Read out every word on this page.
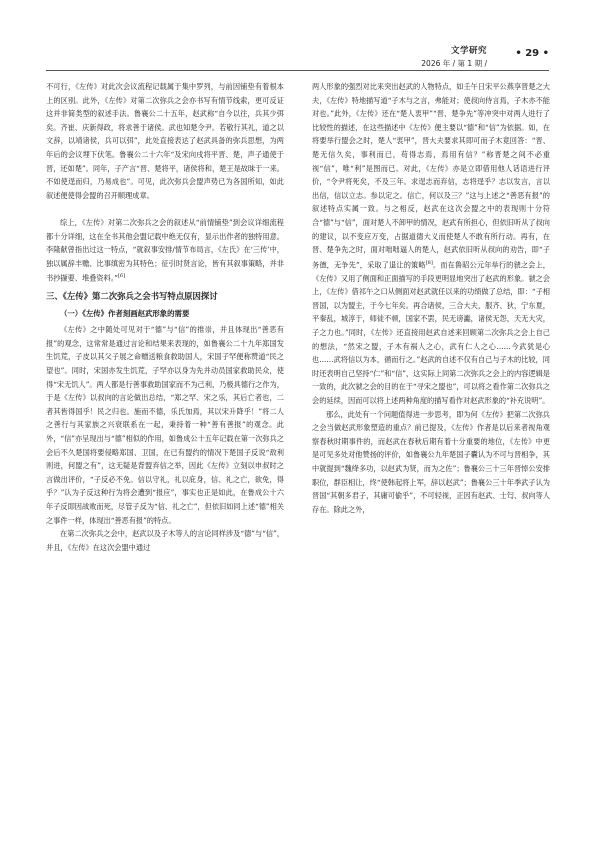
文学研究
2026 年 / 第 1 期 /
• 29 •

不可行，《左传》对此次会议流程记载属于集中罗列，与前因铺垫有着根本上的区别。此外，《左传》对第二次弥兵之会亦书写有情节线索，更可反证这并非简类型的叙述手法。鲁襄公二十五年，赵武称“自今以往，兵其少弭矣。齐崔、庆新得政，将求善于诸侯。武也知楚令尹。若敬行其礼，道之以文辞，以靖诸侯，兵可以弭”，此处直接表达了赵武具备的弥兵思想，为两年后的会议埋下伏笔。鲁襄公二十六年“及宋向戌将平晋、楚，声子通使于晋，还如楚”。同年，子产言“晋、楚将平，诸侯将和，楚王是故昧于一来。不如使逞而归，乃易成也”。可见，此次弥兵会盟声势已为各国所知，如此叙述便使得会盟的召开顺理成章。

综上，《左传》对第二次弥兵之会的叙述从“前情铺垫”到会议详细流程都十分详细，这在全书其他会盟记载中绝无仅有，显示出作者的独特用意。李隆献曾指出过这一特点，“就叙事安排/情节布局言，《左氏》在‘三传’中，独以属辞丰赡、比事缜密为其特色；征引时贤言论，皆有其叙事策略，并非书抄撷要、堆叠资料。”[6]

三、《左传》第二次弥兵之会书写特点原因探讨
（一）《左传》作者刻画赵武形象的需要

《左传》之中随处可见对于“德”与“信”的推崇，并且体现出“善恶有报”的观念，这常常是通过言论和结果来表现的，如鲁襄公二十九年郑国发生饥荒，子皮以其父子展之命赠送粮食救助国人，宋国子罕便称赞道“民之望也”。同时，宋国亦发生饥荒，子罕亦以身为先并动员国家救助民众，使得“宋无饥人”。两人都是行善事救助国家而不为己利，乃极具德行之作为，于是《左传》以叔向的言论做出总结，“郑之罕、宋之乐，其后亡者也，二者其皆得国乎！民之归也。施而不德，乐氏加焉，其以宋升降乎！”将二人之善行与其家族之兴衰联系在一起，秉持着一种“善有善报”的观念。此外，“信”亦呈现出与“德”相似的作用，如鲁成公十五年记载在第一次弥兵之会后不久楚国将要侵略郑国、卫国，在已有盟约的情况下楚国子反说“敌利则进，何盟之有”，这无疑是背盟弃信之举，因此《左传》立刻以申叔时之言做出评价，“子反必不免。信以守礼，礼以庇身，信、礼之亡，欲免，得乎？”认为子反这种行为将会遭到“报应”，事实也正是如此，在鲁成公十六年子反即因战败而死，尽管子反为“信、礼之亡”，但依旧如同上述“德”相关之事件一样，体现出“善恶有报”的特点。

在第二次弥兵之会中，赵武以及子木等人的言论同样涉及“德”与“信”，并且，《左传》在这次会盟中通过

两人形象的强烈对比来突出赵武的人物特点，如壬午日宋平公燕享晋楚之大夫，《左传》特地描写道“子木与之言，弗能对；使叔向侍言焉，子木亦不能对也。”此外，《左传》还在“楚人衷甲”“晋、楚争先”等冲突中对两人进行了比较性的描述，在这些描述中《左传》便主要以“德”和“信”为依据。如，在将要举行盟会之时，楚人“衷甲”，晋大夫要求其即可而子木竟回答：“晋、楚无信久矣，事利而已，苟得志焉，焉用有信？”称晋楚之间不必重视“信”，唯“利”是图而已。对此，《左传》亦是立即借用他人话语进行评价，“令尹将死矣，不及三年。求逞志而弃信，志将逞乎？志以发言，言以出信，信以立志。参以定之。信亡，何以及三？”这与上述之“善恶有报”的叙述特点实属一致。与之相反，赵武在这次会盟之中的表现则十分符合“德”与“信”，面对楚人不卸甲的情况，赵武有所担心，但依旧听从了叔向的建议，以不变应万变，占据道德大义而使楚人不敢有所行动。再有，在晋、楚争先之时，面对咄咄逼人的楚人，赵武依旧听从叔向的劝告，即“子务德，无争先”，采取了退让的策略[8]。而在鲁昭公元年举行的虢之会上，《左传》又用了侧面和正面描写的手段更明显地突出了赵武的形象。虢之会上，《左传》借祁午之口从侧面对赵武就任以来的功绩做了总结，即：“子相晋国，以为盟主，于今七年矣。再合诸侯，三合大夫，服齐、狄，宁东夏，平秦乱，城淳于，师徒不顿，国家不罢，民无谤讟，诸侯无怨，天无大灾，子之力也。”同时，《左传》还直接用赵武自述来回顾第二次弥兵之会上自己的想法，“然宋之盟，子木有祸人之心，武有仁人之心……今武犹是心也……武将信以为本，循而行之。”赵武的自述不仅有自己与子木的比较，同时还表明自己坚持“仁”和“信”，这实际上同第二次弥兵之会上的内容逻辑是一致的，此次虢之会的目的在于“寻宋之盟也”，可以将之看作第二次弥兵之会的延续，因而可以将上述两种角度的描写看作对赵武形象的“补充说明”。

那么，此处有一个问题值得进一步思考，即为何《左传》把第二次弥兵之会当做赵武形象塑造的重点？前已提及，《左传》作者是以后来者视角观察春秋时期事件的，而赵武在春秋后期有着十分重要的地位，《左传》中更是可见多处对他赞扬的评价，如鲁襄公九年楚国子囊认为不可与晋相争，其中就提到“魏绛多功，以赵武为贤，而为之佐”；鲁襄公三十三年晋悼公安排职位，群臣相让，终“使韩起将上军，辞以赵武”；鲁襄公三十年季武子认为晋国“其朝多君子，其庸可偷乎”，不可轻视，正因有赵武、士匄、叔向等人存在。除此之外，
